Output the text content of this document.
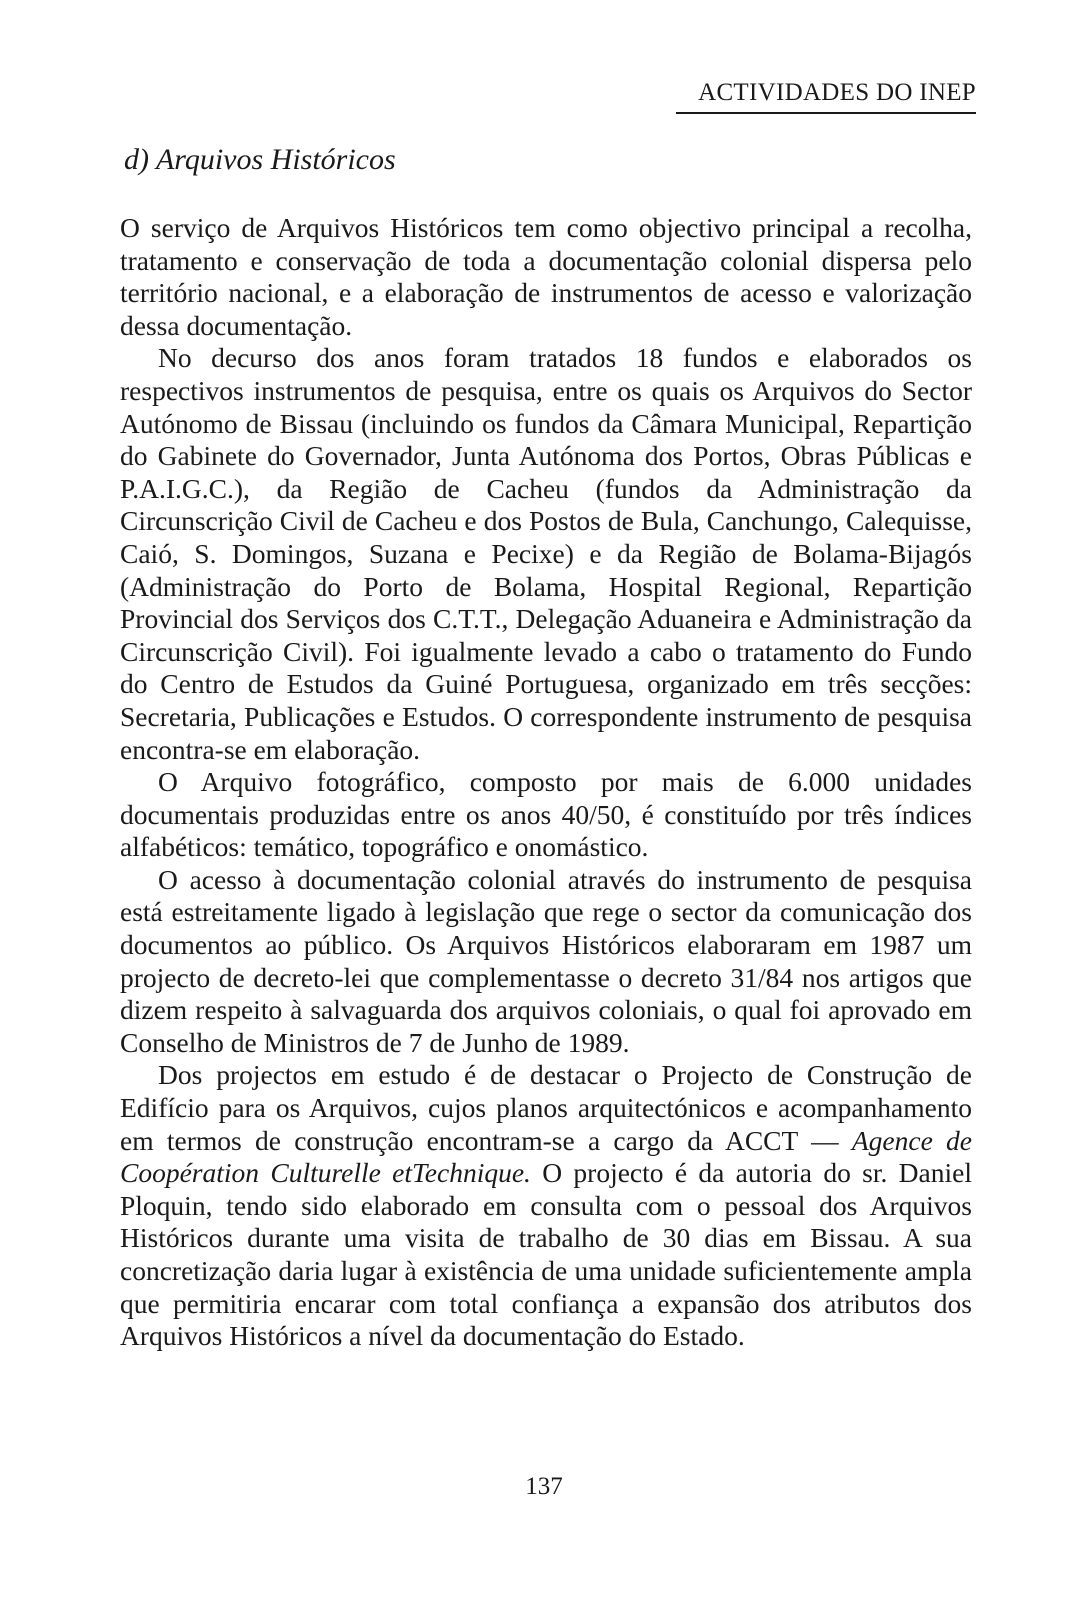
ACTIVIDADES DO INEP
d) Arquivos Históricos

O serviço de Arquivos Históricos tem como objectivo principal a recolha, tratamento e conservação de toda a documentação colonial dispersa pelo território nacional, e a elaboração de instrumentos de acesso e valorização dessa documentação.

No decurso dos anos foram tratados 18 fundos e elaborados os respectivos instrumentos de pesquisa, entre os quais os Arquivos do Sector Autónomo de Bissau (incluindo os fundos da Câmara Municipal, Repartição do Gabinete do Governador, Junta Autónoma dos Portos, Obras Públicas e P.A.I.G.C.), da Região de Cacheu (fundos da Administração da Circunscrição Civil de Cacheu e dos Postos de Bula, Canchungo, Calequisse, Caió, S. Domingos, Suzana e Pecixe) e da Região de Bolama-Bijagós (Administração do Porto de Bolama, Hospital Regional, Repartição Provincial dos Serviços dos C.T.T., Delegação Aduaneira e Administração da Circunscrição Civil). Foi igualmente levado a cabo o tratamento do Fundo do Centro de Estudos da Guiné Portuguesa, organizado em três secções: Secretaria, Publicações e Estudos. O correspondente instrumento de pesquisa encontra-se em elaboração.

O Arquivo fotográfico, composto por mais de 6.000 unidades documentais produzidas entre os anos 40/50, é constituído por três índices alfabéticos: temático, topográfico e onomástico.

O acesso à documentação colonial através do instrumento de pesquisa está estreitamente ligado à legislação que rege o sector da comunicação dos documentos ao público. Os Arquivos Históricos elaboraram em 1987 um projecto de decreto-lei que complementasse o decreto 31/84 nos artigos que dizem respeito à salvaguarda dos arquivos coloniais, o qual foi aprovado em Conselho de Ministros de 7 de Junho de 1989.

Dos projectos em estudo é de destacar o Projecto de Construção de Edifício para os Arquivos, cujos planos arquitectónicos e acompanhamento em termos de construção encontram-se a cargo da ACCT — Agence de Coopération Culturelle etTechnique. O projecto é da autoria do sr. Daniel Ploquin, tendo sido elaborado em consulta com o pessoal dos Arquivos Históricos durante uma visita de trabalho de 30 dias em Bissau. A sua concretização daria lugar à existência de uma unidade suficientemente ampla que permitiria encarar com total confiança a expansão dos atributos dos Arquivos Históricos a nível da documentação do Estado.

137
